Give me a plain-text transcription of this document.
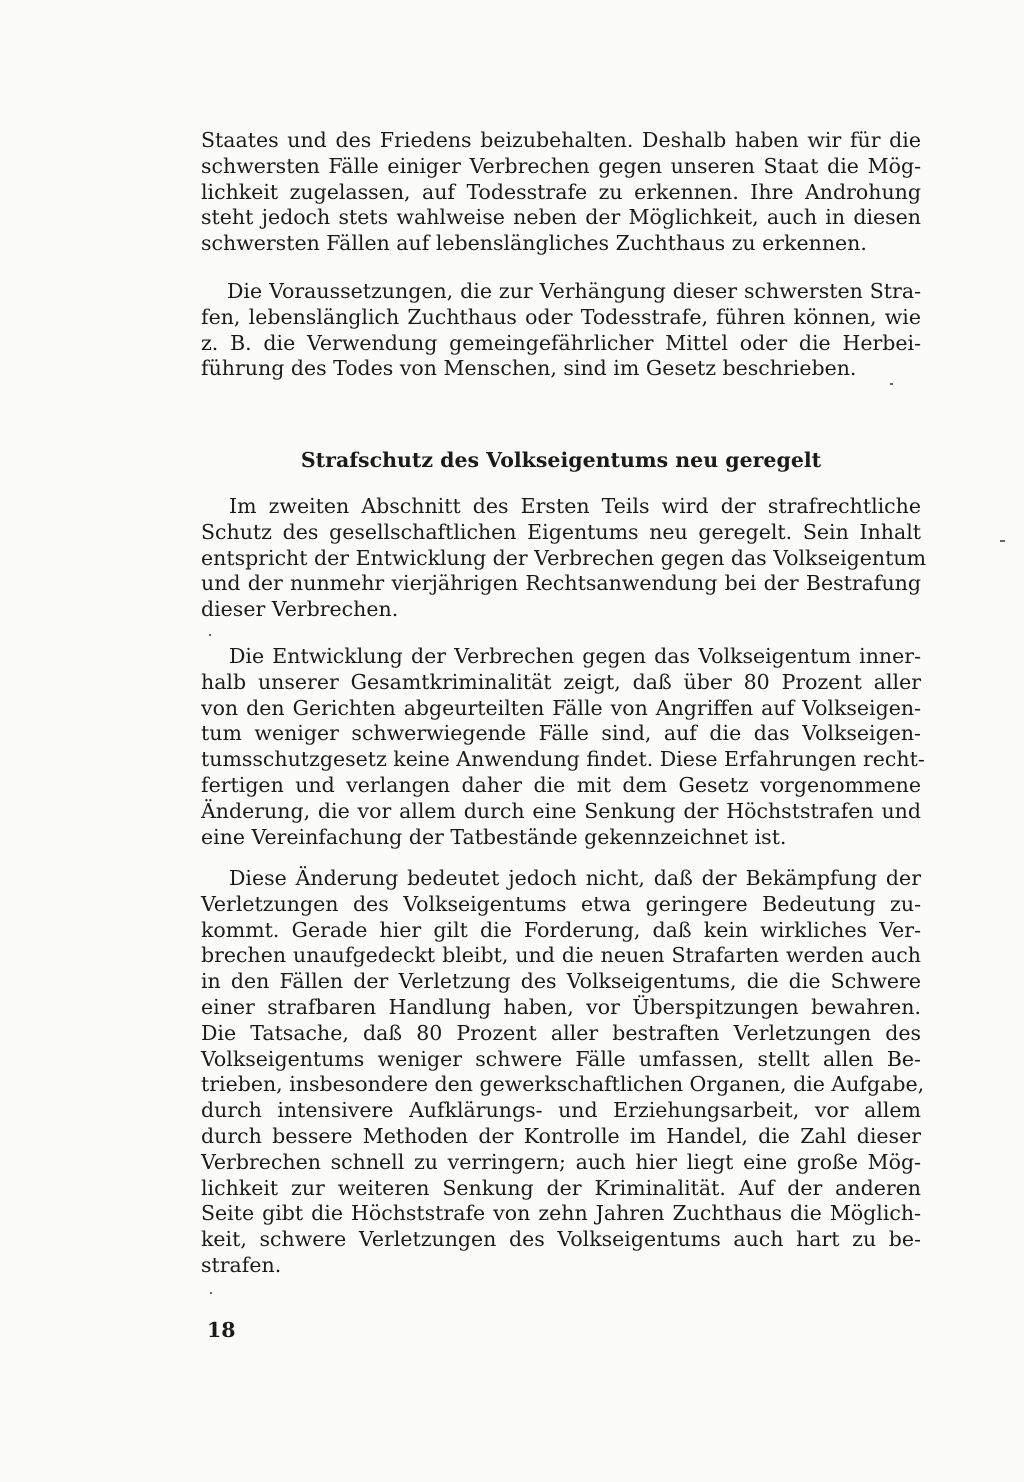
Staates und des Friedens beizubehalten. Deshalb haben wir für die
schwersten Fälle einiger Verbrechen gegen unseren Staat die Mög-
lichkeit zugelassen, auf Todesstrafe zu erkennen. Ihre Androhung
steht jedoch stets wahlweise neben der Möglichkeit, auch in diesen
schwersten Fällen auf lebenslängliches Zuchthaus zu erkennen.
Die Voraussetzungen, die zur Verhängung dieser schwersten Stra-
fen, lebenslänglich Zuchthaus oder Todesstrafe, führen können, wie
z. B. die Verwendung gemeingefährlicher Mittel oder die Herbei-
führung des Todes von Menschen, sind im Gesetz beschrieben.
Strafschutz des Volkseigentums neu geregelt
Im zweiten Abschnitt des Ersten Teils wird der strafrechtliche
Schutz des gesellschaftlichen Eigentums neu geregelt. Sein Inhalt
entspricht der Entwicklung der Verbrechen gegen das Volkseigentum
und der nunmehr vierjährigen Rechtsanwendung bei der Bestrafung
dieser Verbrechen.
Die Entwicklung der Verbrechen gegen das Volkseigentum inner-
halb unserer Gesamtkriminalität zeigt, daß über 80 Prozent aller
von den Gerichten abgeurteilten Fälle von Angriffen auf Volkseigen-
tum weniger schwerwiegende Fälle sind, auf die das Volkseigen-
tumsschutzgesetz keine Anwendung findet. Diese Erfahrungen recht-
fertigen und verlangen daher die mit dem Gesetz vorgenommene
Änderung, die vor allem durch eine Senkung der Höchststrafen und
eine Vereinfachung der Tatbestände gekennzeichnet ist.
Diese Änderung bedeutet jedoch nicht, daß der Bekämpfung der
Verletzungen des Volkseigentums etwa geringere Bedeutung zu-
kommt. Gerade hier gilt die Forderung, daß kein wirkliches Ver-
brechen unaufgedeckt bleibt, und die neuen Strafarten werden auch
in den Fällen der Verletzung des Volkseigentums, die die Schwere
einer strafbaren Handlung haben, vor Überspitzungen bewahren.
Die Tatsache, daß 80 Prozent aller bestraften Verletzungen des
Volkseigentums weniger schwere Fälle umfassen, stellt allen Be-
trieben, insbesondere den gewerkschaftlichen Organen, die Aufgabe,
durch intensivere Aufklärungs- und Erziehungsarbeit, vor allem
durch bessere Methoden der Kontrolle im Handel, die Zahl dieser
Verbrechen schnell zu verringern; auch hier liegt eine große Mög-
lichkeit zur weiteren Senkung der Kriminalität. Auf der anderen
Seite gibt die Höchststrafe von zehn Jahren Zuchthaus die Möglich-
keit, schwere Verletzungen des Volkseigentums auch hart zu be-
strafen.
18
